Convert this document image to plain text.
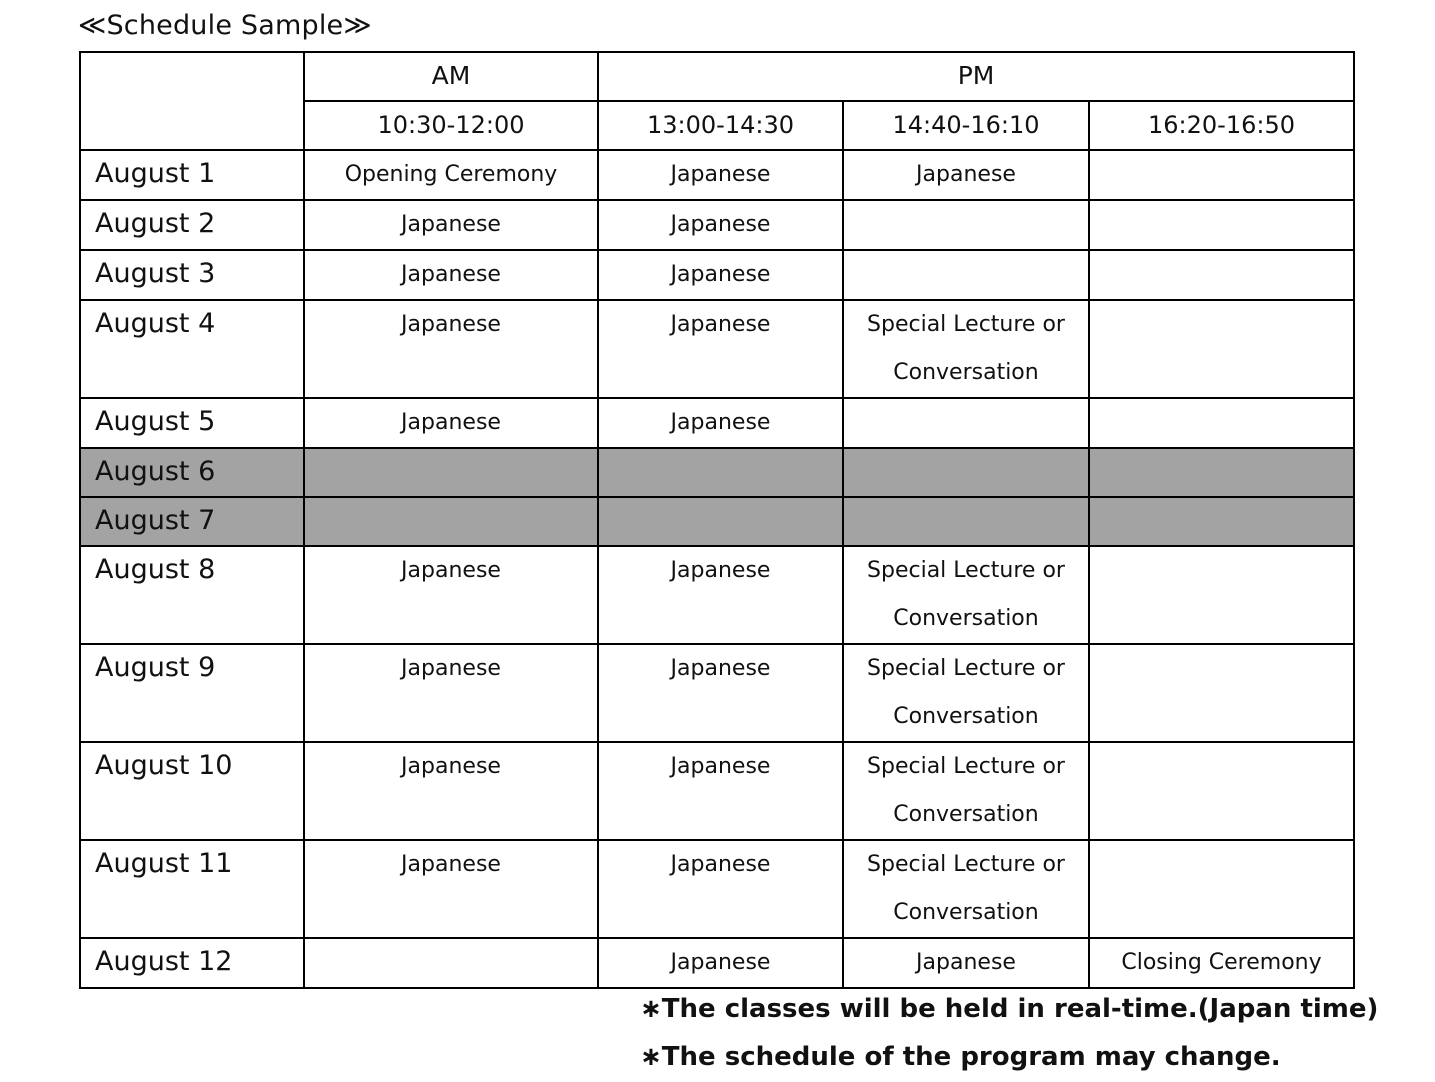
≪Schedule Sample≫
	AM	PM		
	10:30-12:00	13:00-14:30	14:40-16:10	16:20-16:50
August 1	Opening Ceremony	Japanese	Japanese	
August 2	Japanese	Japanese		
August 3	Japanese	Japanese		
August 4	Japanese	Japanese	Special Lecture or
Conversation	

August 5	Japanese	Japanese		
August 6				
August 7				
August 8	Japanese	Japanese	Special Lecture or
Conversation	

August 9	Japanese	Japanese	Special Lecture or
Conversation	

August 10	Japanese	Japanese	Special Lecture or
Conversation	

August 11	Japanese	Japanese	Special Lecture or
Conversation	

August 12		Japanese	Japanese	Closing Ceremony
∗The classes will be held in real-time.(Japan time)
∗The schedule of the program may change.
